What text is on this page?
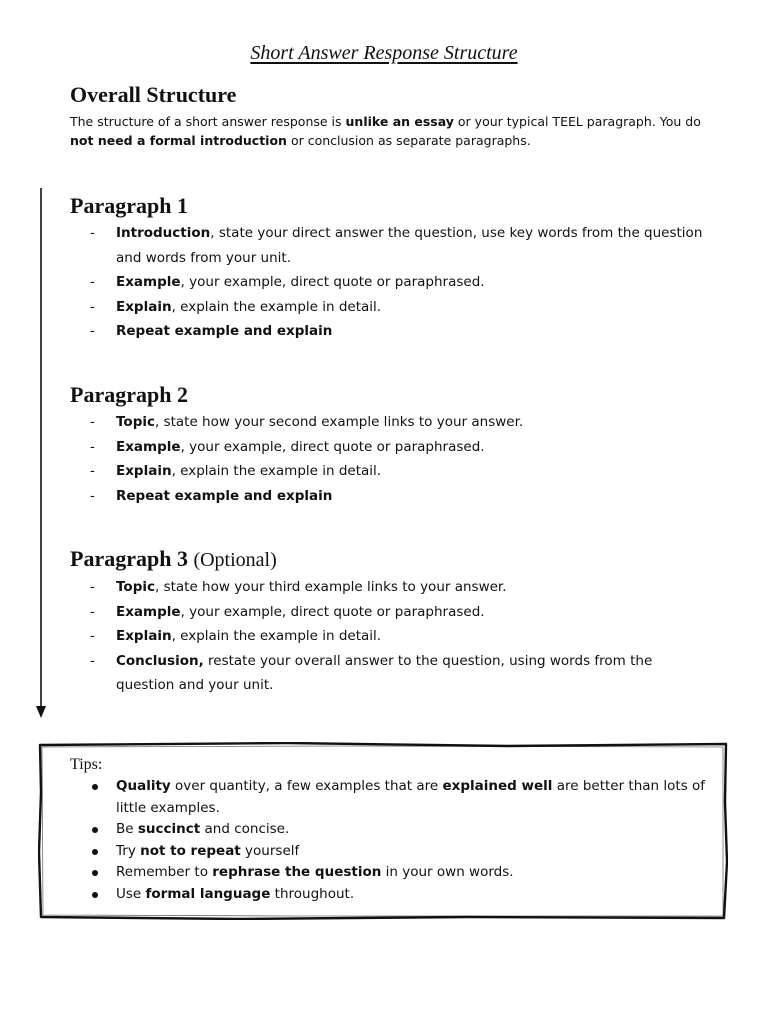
Short Answer Response Structure
Overall Structure
The structure of a short answer response is unlike an essay or your typical TEEL paragraph. You do not need a formal introduction or conclusion as separate paragraphs.
Paragraph 1
- Introduction, state your direct answer the question, use key words from the question and words from your unit.
- Example, your example, direct quote or paraphrased.
- Explain, explain the example in detail.
- Repeat example and explain
Paragraph 2
- Topic, state how your second example links to your answer.
- Example, your example, direct quote or paraphrased.
- Explain, explain the example in detail.
- Repeat example and explain
Paragraph 3 (Optional)
- Topic, state how your third example links to your answer.
- Example, your example, direct quote or paraphrased.
- Explain, explain the example in detail.
- Conclusion, restate your overall answer to the question, using words from the question and your unit.
Tips:
Quality over quantity, a few examples that are explained well are better than lots of little examples.
Be succinct and concise.
Try not to repeat yourself
Remember to rephrase the question in your own words.
Use formal language throughout.
